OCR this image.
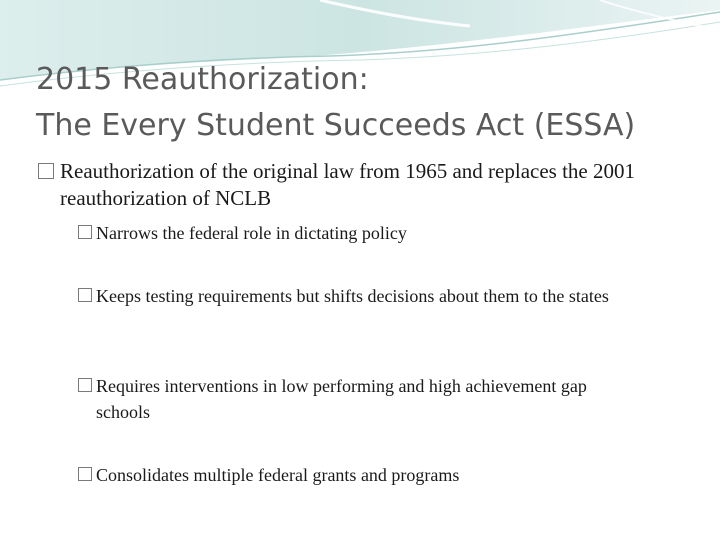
2015 Reauthorization:
The Every Student Succeeds Act (ESSA)
Reauthorization of the original law from 1965 and replaces the 2001 reauthorization of NCLB
Narrows the federal role in dictating policy
Keeps testing requirements but shifts decisions about them to the states
Requires interventions in low performing and high achievement gap schools
Consolidates multiple federal grants and programs
